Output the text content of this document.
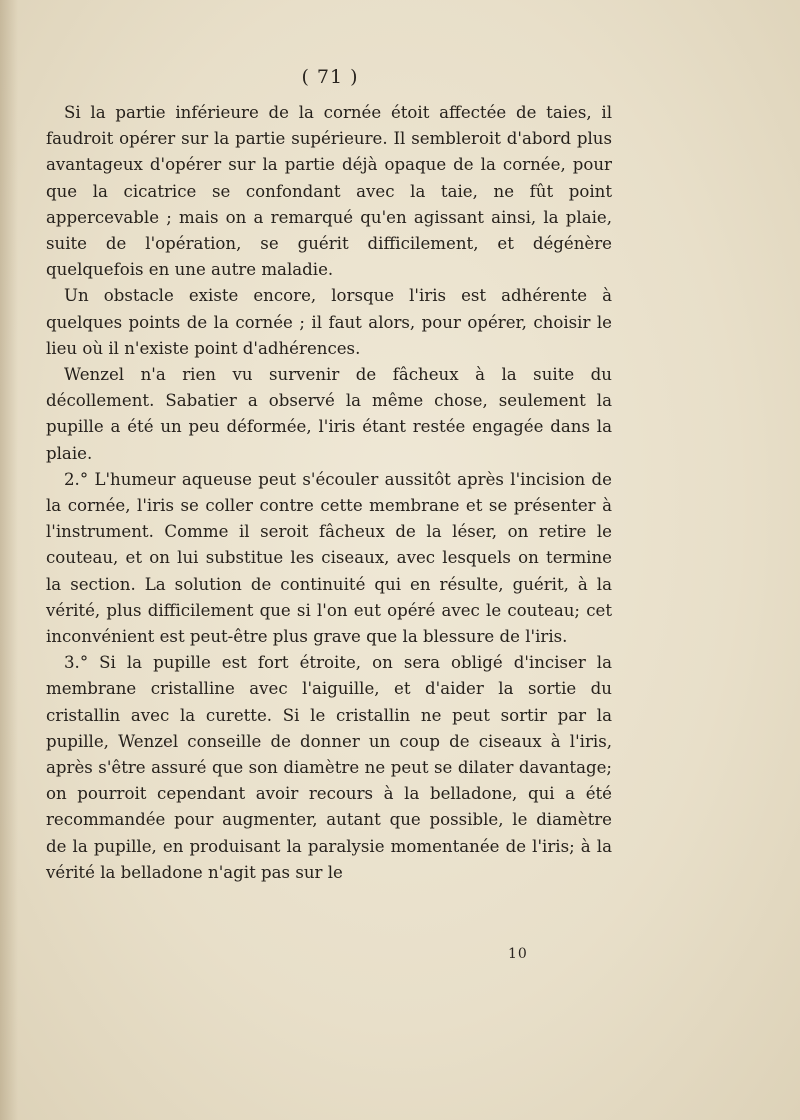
( 71 )

Si la partie inférieure de la cornée étoit affectée de taies, il faudroit opérer sur la partie supérieure. Il sembleroit d'abord plus avantageux d'opérer sur la partie déjà opaque de la cornée, pour que la cicatrice se confondant avec la taie, ne fût point appercevable ; mais on a remarqué qu'en agissant ainsi, la plaie, suite de l'opération, se guérit difficilement, et dégénère quelquefois en une autre maladie.

Un obstacle existe encore, lorsque l'iris est adhérente à quelques points de la cornée ; il faut alors, pour opérer, choisir le lieu où il n'existe point d'adhérences.

Wenzel n'a rien vu survenir de fâcheux à la suite du décollement. Sabatier a observé la même chose, seulement la pupille a été un peu déformée, l'iris étant restée engagée dans la plaie.

2.° L'humeur aqueuse peut s'écouler aussitôt après l'incision de la cornée, l'iris se coller contre cette membrane et se présenter à l'instrument. Comme il seroit fâcheux de la léser, on retire le couteau, et on lui substitue les ciseaux, avec lesquels on termine la section. La solution de continuité qui en résulte, guérit, à la vérité, plus difficilement que si l'on eut opéré avec le couteau; cet inconvénient est peut-être plus grave que la blessure de l'iris.

3.° Si la pupille est fort étroite, on sera obligé d'inciser la membrane cristalline avec l'aiguille, et d'aider la sortie du cristallin avec la curette. Si le cristallin ne peut sortir par la pupille, Wenzel conseille de donner un coup de ciseaux à l'iris, après s'être assuré que son diamètre ne peut se dilater davantage; on pourroit cependant avoir recours à la belladone, qui a été recommandée pour augmenter, autant que possible, le diamètre de la pupille, en produisant la paralysie momentanée de l'iris; à la vérité la belladone n'agit pas sur le

10
